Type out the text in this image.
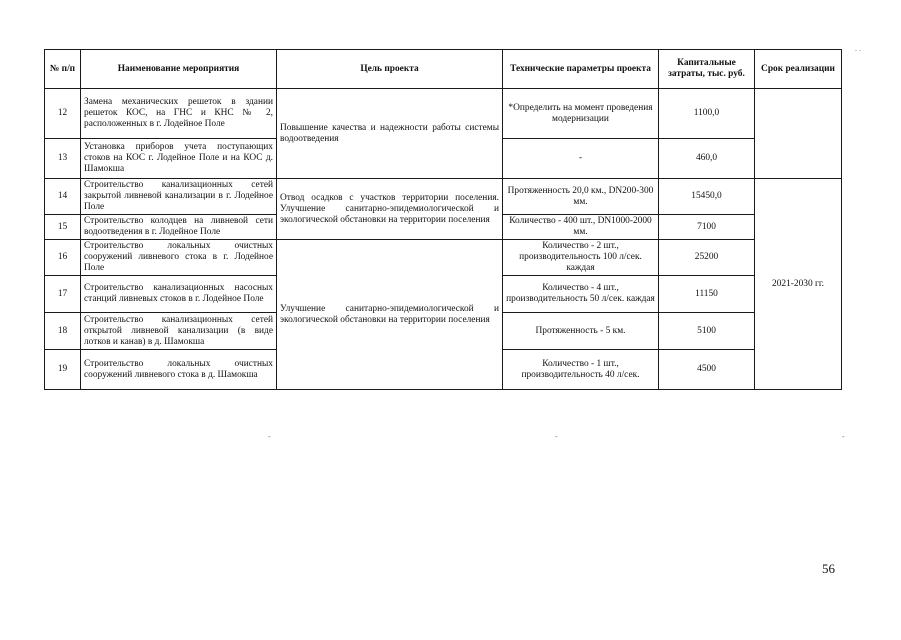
№ п/п	Наименование мероприятия	Цель проекта	Технические параметры проекта	Капитальные затраты, тыс. руб.	Срок реализации
12	Замена механических решеток в здании решеток КОС, на ГНС и КНС № 2, расположенных в г. Лодейное Поле	Повышение качества и надежности работы системы водоотведения	*Определить на момент проведения модернизации	1100,0	
13	Установка приборов учета поступающих стоков на КОС г. Лодейное Поле и на КОС д. Шамокша		-	460,0	
14	Строительство канализационных сетей закрытой ливневой канализации в г. Лодейное Поле	Отвод осадков с участков территории поселения. Улучшение санитарно-эпидемиологической и экологической обстановки на территории поселения	Протяженность 20,0 км., DN200-300 мм.	15450,0	2021-2030 гг.
15	Строительство колодцев на ливневой сети водоотведения в г. Лодейное Поле		Количество - 400 шт., DN1000-2000 мм.	7100	
16	Строительство локальных очистных сооружений ливневого стока в г. Лодейное Поле	Улучшение санитарно-эпидемиологической и экологической обстановки на территории поселения	Количество - 2 шт., производительность 100 л/сек. каждая	25200	
17	Строительство канализационных насосных станций ливневых стоков в г. Лодейное Поле		Количество - 4 шт., производительность 50 л/сек. каждая	11150	
18	Строительство канализационных сетей открытой ливневой канализации (в виде лотков и канав) в д. Шамокша		Протяженность - 5 км.	5100	
19	Строительство локальных очистных сооружений ливневого стока в д. Шамокша		Количество - 1 шт., производительность 40 л/сек.	4500	
. .
-	-	-
56
